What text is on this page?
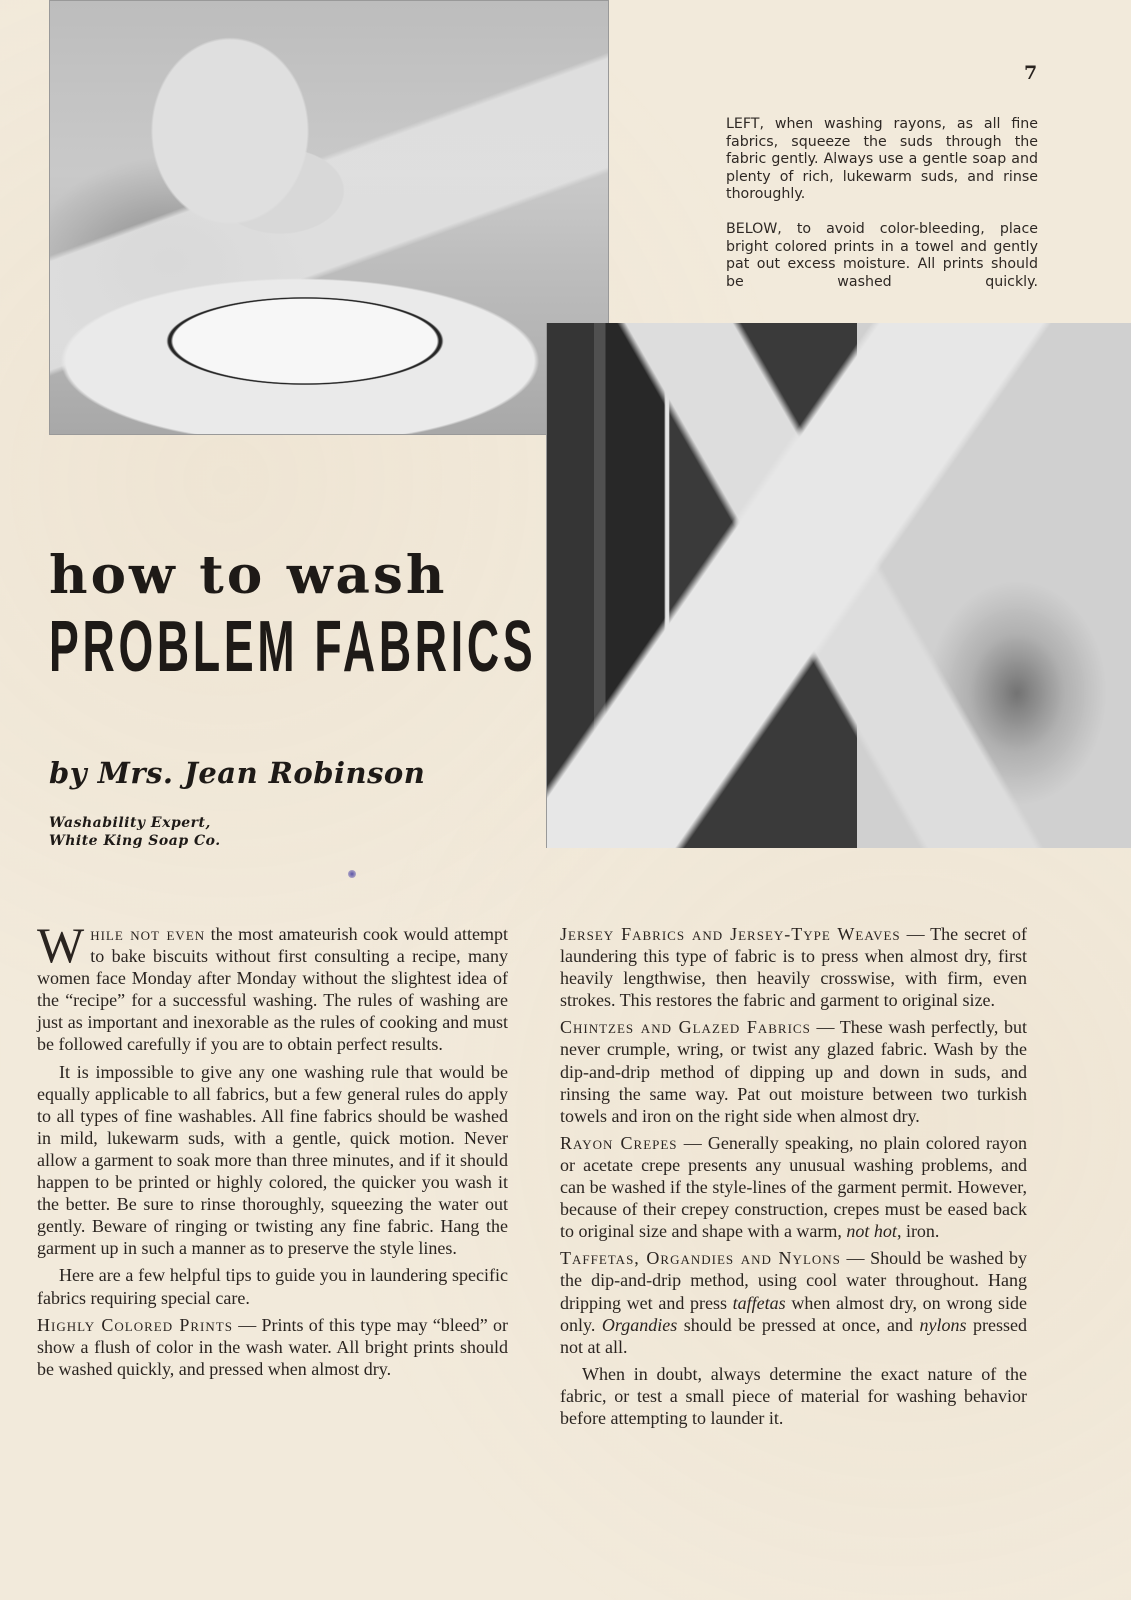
7

LEFT, when washing rayons, as all fine fabrics, squeeze the suds through the fabric gently. Always use a gentle soap and plenty of rich, lukewarm suds, and rinse thoroughly.

BELOW, to avoid color-bleeding, place bright colored prints in a towel and gently pat out excess moisture. All prints should be washed quickly.

how to wash
PROBLEM FABRICS
by Mrs. Jean Robinson
Washability Expert,
White King Soap Co.

While not even the most amateurish cook would attempt to bake biscuits without first consulting a recipe, many women face Monday after Monday without the slightest idea of the “recipe” for a successful washing. The rules of washing are just as important and inexorable as the rules of cooking and must be followed carefully if you are to obtain perfect results.

It is impossible to give any one washing rule that would be equally applicable to all fabrics, but a few general rules do apply to all types of fine washables. All fine fabrics should be washed in mild, lukewarm suds, with a gentle, quick motion. Never allow a garment to soak more than three minutes, and if it should happen to be printed or highly colored, the quicker you wash it the better. Be sure to rinse thoroughly, squeezing the water out gently. Beware of ringing or twisting any fine fabric. Hang the garment up in such a manner as to preserve the style lines.

Here are a few helpful tips to guide you in laundering specific fabrics requiring special care.

Highly Colored Prints — Prints of this type may “bleed” or show a flush of color in the wash water. All bright prints should be washed quickly, and pressed when almost dry.

Jersey Fabrics and Jersey-Type Weaves — The secret of laundering this type of fabric is to press when almost dry, first heavily lengthwise, then heavily crosswise, with firm, even strokes. This restores the fabric and garment to original size.

Chintzes and Glazed Fabrics — These wash perfectly, but never crumple, wring, or twist any glazed fabric. Wash by the dip-and-drip method of dipping up and down in suds, and rinsing the same way. Pat out moisture between two turkish towels and iron on the right side when almost dry.

Rayon Crepes — Generally speaking, no plain colored rayon or acetate crepe presents any unusual washing problems, and can be washed if the style-lines of the garment permit. However, because of their crepey construction, crepes must be eased back to original size and shape with a warm, not hot, iron.

Taffetas, Organdies and Nylons — Should be washed by the dip-and-drip method, using cool water throughout. Hang dripping wet and press taffetas when almost dry, on wrong side only. Organdies should be pressed at once, and nylons pressed not at all.

When in doubt, always determine the exact nature of the fabric, or test a small piece of material for washing behavior before attempting to launder it.
